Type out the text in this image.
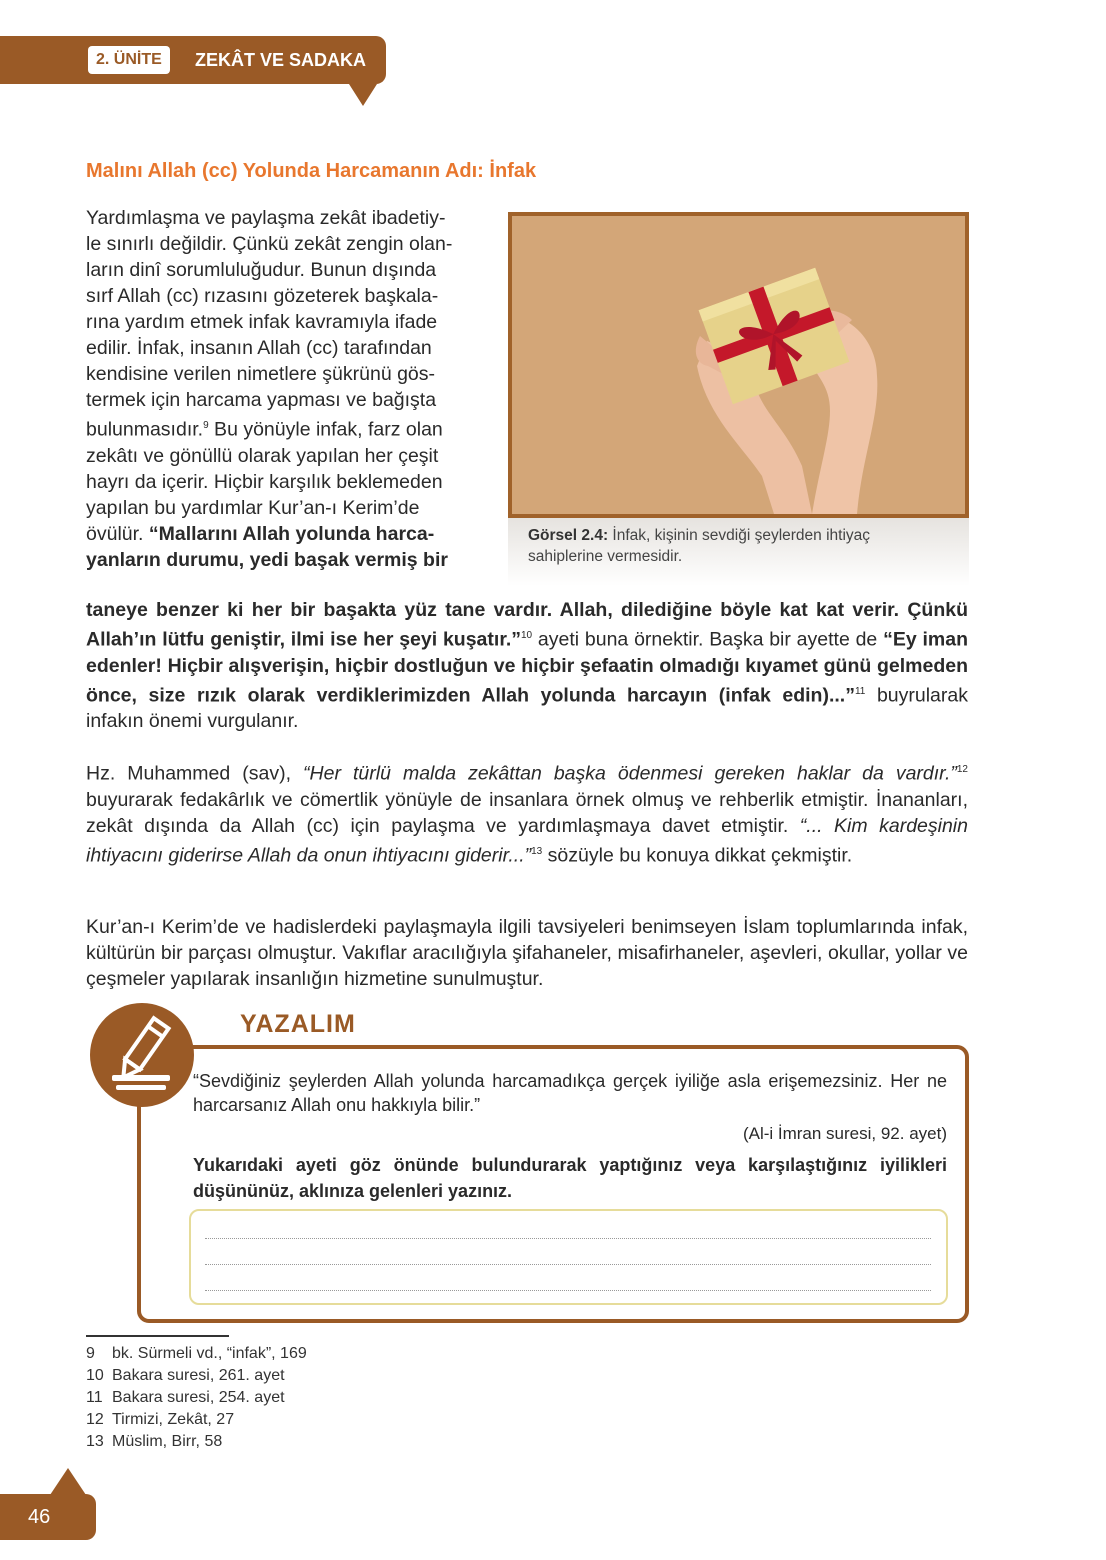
2. ÜNİTE	ZEKÂT VE SADAKA
Malını Allah (cc) Yolunda Harcamanın Adı: İnfak
Yardımlaşma ve paylaşma zekât ibadetiy-
le sınırlı değildir. Çünkü zekât zengin olan-
ların dinî sorumluluğudur. Bunun dışında
sırf Allah (cc) rızasını gözeterek başkala-
rına yardım etmek infak kavramıyla ifade
edilir. İnfak, insanın Allah (cc) tarafından
kendisine verilen nimetlere şükrünü gös-
termek için harcama yapması ve bağışta
bulunmasıdır.$^9$ Bu yönüyle infak, farz olan
zekâtı ve gönüllü olarak yapılan her çeşit
hayrı da içerir. Hiçbir karşılık beklemeden
yapılan bu yardımlar Kur’an-ı Kerim’de
övülür. “Mallarını Allah yolunda harca-
yanların durumu, yedi başak vermiş bir
Görsel 2.4: İnfak, kişinin sevdiği şeylerden ihtiyaç sahiplerine vermesidir.
taneye benzer ki her bir başakta yüz tane vardır. Allah, dilediğine böyle kat kat verir. Çünkü Allah’ın lütfu geniştir, ilmi ise her şeyi kuşatır.”$^{10}$ ayeti buna örnektir. Başka bir ayette de “Ey iman edenler! Hiçbir alışverişin, hiçbir dostluğun ve hiçbir şefaatin olmadığı kıyamet günü gelmeden önce, size rızık olarak verdiklerimizden Allah yolunda harcayın (infak edin)...”$^{11}$ buyrularak infakın önemi vurgulanır.
Hz. Muhammed (sav), “Her türlü malda zekâttan başka ödenmesi gereken haklar da vardır.”$^{12}$ buyurarak fedakârlık ve cömertlik yönüyle de insanlara örnek olmuş ve rehberlik etmiştir. İnananları, zekât dışında da Allah (cc) için paylaşma ve yardımlaşmaya davet etmiştir. “... Kim kardeşinin ihtiyacını giderirse Allah da onun ihtiyacını giderir...”$^{13}$ sözüyle bu konuya dikkat çekmiştir.
Kur’an-ı Kerim’de ve hadislerdeki paylaşmayla ilgili tavsiyeleri benimseyen İslam toplumlarında infak, kültürün bir parçası olmuştur. Vakıflar aracılığıyla şifahaneler, misafirhaneler, aşevleri, okullar, yollar ve çeşmeler yapılarak insanlığın hizmetine sunulmuştur.
YAZALIM
“Sevdiğiniz şeylerden Allah yolunda harcamadıkça gerçek iyiliğe asla erişemezsiniz. Her ne harcarsanız Allah onu hakkıyla bilir.”
(Al-i İmran suresi, 92. ayet)
Yukarıdaki ayeti göz önünde bulundurarak yaptığınız veya karşılaştığınız iyilikleri düşününüz, aklınıza gelenleri yazınız.
9 bk. Sürmeli vd., “infak”, 169
10 Bakara suresi, 261. ayet
11 Bakara suresi, 254. ayet
12 Tirmizi, Zekât, 27
13 Müslim, Birr, 58
46
